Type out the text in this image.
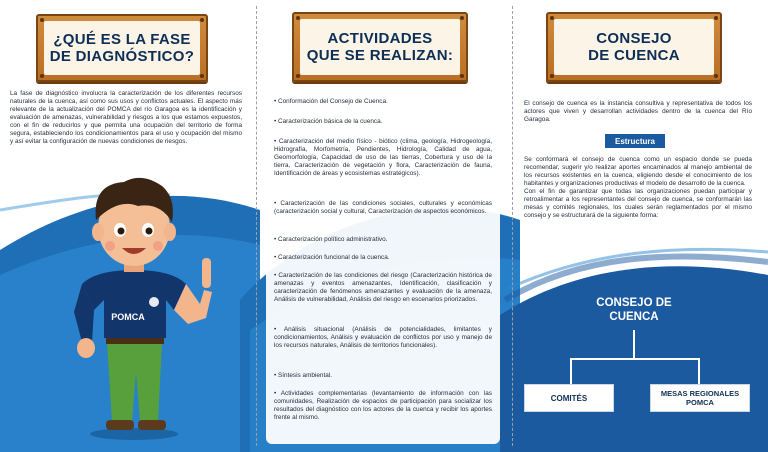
¿QUÉ ES LA FASE
DE DIAGNÓSTICO?
La fase de diagnóstico involucra la caracterización de los diferentes recursos naturales de la cuenca, así como sus usos y conflictos actuales. El aspecto más relevante de la actualización del POMCA del río Garagoa es la identificación y evaluación de amenazas, vulnerabilidad y riesgos a los que estamos expuestos, con el fin de reducirlos y que permita una ocupación del territorio de forma segura, estableciendo los condicionamientos para el uso y ocupación del mismo y así evitar la configuración de nuevas condiciones de riesgos.
POMCA
ACTIVIDADES
QUE SE REALIZAN:
• Conformación del Consejo de Cuenca.
• Caracterización básica de la cuenca.
• Caracterización del medio físico - biótico (clima, geología, Hidrogeología, Hidrografía, Morfometría, Pendientes, Hidrología, Calidad de agua, Geomorfología, Capacidad de uso de las tierras, Cobertura y uso de la tierra, Caracterización de vegetación y flora, Caracterización de fauna, Identificación de áreas y ecosistemas estratégicos).
• Caracterización de las condiciones sociales, culturales y económicas (caracterización social y cultural, Caracterización de aspectos económicos.
• Caracterización político administrativo.
• Caracterización funcional de la cuenca.
• Caracterización de las condiciones del riesgo (Caracterización histórica de amenazas y eventos amenazantes, Identificación, clasificación y caracterización de fenómenos amenazantes y evaluación de la amenaza, Análisis de vulnerabilidad, Análisis del riesgo en escenarios priorizados.
• Análisis situacional (Análisis de potencialidades, limitantes y condicionamientos, Análisis y evaluación de conflictos por uso y manejo de los recursos naturales, Análisis de territorios funcionales).
• Síntesis ambiental.
• Actividades complementarias (levantamiento de información con las comunidades, Realización de espacios de participación para socializar los resultados del diagnóstico con los actores de la cuenca y recibir los aportes frente al mismo.
CONSEJO
DE CUENCA
El consejo de cuenca es la instancia consultiva y representativa de todos los actores que viven y desarrollan actividades dentro de la cuenca del Río Garagoa.
Estructura
Se conformará el consejo de cuenca como un espacio donde se pueda recomendar, sugerir y/o realizar aportes encaminados al manejo ambiental de los recursos existentes en la cuenca, eligiendo desde el conocimiento de los habitantes y organizaciones productivas el modelo de desarrollo de la cuenca.
Con el fin de garantizar que todas las organizaciones puedan participar y retroalimentar a los representantes del consejo de cuenca, se conformarán las mesas y comités regionales, los cuales serán reglamentados por el mismo consejo y se estructurará de la siguiente forma:
CONSEJO DE
CUENCA
COMITÉS	MESAS REGIONALES
POMCA
